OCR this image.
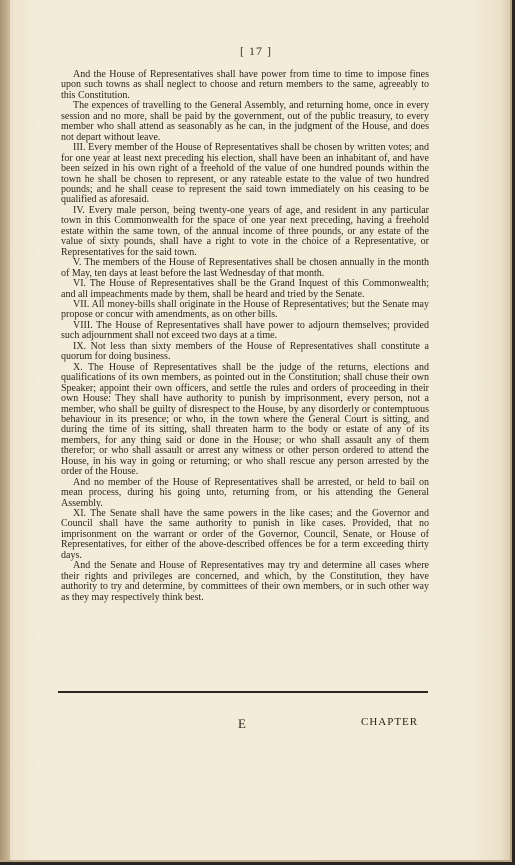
[ 17 ]

And the House of Representatives shall have power from time to time to impose fines upon such towns as shall neglect to choose and return members to the same, agreeably to this Constitution.

The expences of travelling to the General Assembly, and returning home, once in every session and no more, shall be paid by the government, out of the public treasury, to every member who shall attend as seasonably as he can, in the judgment of the House, and does not depart without leave.

III. Every member of the House of Representatives shall be chosen by written votes; and for one year at least next preceding his election, shall have been an inhabitant of, and have been seized in his own right of a freehold of the value of one hundred pounds within the town he shall be chosen to represent, or any rateable estate to the value of two hundred pounds; and he shall cease to represent the said town immediately on his ceasing to be qualified as aforesaid.

IV. Every male person, being twenty-one years of age, and resident in any particular town in this Commonwealth for the space of one year next preceding, having a freehold estate within the same town, of the annual income of three pounds, or any estate of the value of sixty pounds, shall have a right to vote in the choice of a Representative, or Representatives for the said town.

V. The members of the House of Representatives shall be chosen annually in the month of May, ten days at least before the last Wednesday of that month.

VI. The House of Representatives shall be the Grand Inquest of this Commonwealth; and all impeachments made by them, shall be heard and tried by the Senate.

VII. All money-bills shall originate in the House of Representatives; but the Senate may propose or concur with amendments, as on other bills.

VIII. The House of Representatives shall have power to adjourn themselves; provided such adjournment shall not exceed two days at a time.

IX. Not less than sixty members of the House of Representatives shall constitute a quorum for doing business.

X. The House of Representatives shall be the judge of the returns, elections and qualifications of its own members, as pointed out in the Constitution; shall chuse their own Speaker; appoint their own officers, and settle the rules and orders of proceeding in their own House: They shall have authority to punish by imprisonment, every person, not a member, who shall be guilty of disrespect to the House, by any disorderly or contemptuous behaviour in its presence; or who, in the town where the General Court is sitting, and during the time of its sitting, shall threaten harm to the body or estate of any of its members, for any thing said or done in the House; or who shall assault any of them therefor; or who shall assault or arrest any witness or other person ordered to attend the House, in his way in going or returning; or who shall rescue any person arrested by the order of the House.

And no member of the House of Representatives shall be arrested, or held to bail on mean process, during his going unto, returning from, or his attending the General Assembly.

XI. The Senate shall have the same powers in the like cases; and the Governor and Council shall have the same authority to punish in like cases. Provided, that no imprisonment on the warrant or order of the Governor, Council, Senate, or House of Representatives, for either of the above-described offences be for a term exceeding thirty days.

And the Senate and House of Representatives may try and determine all cases where their rights and privileges are concerned, and which, by the Constitution, they have authority to try and determine, by committees of their own members, or in such other way as they may respectively think best.

E	CHAPTER
